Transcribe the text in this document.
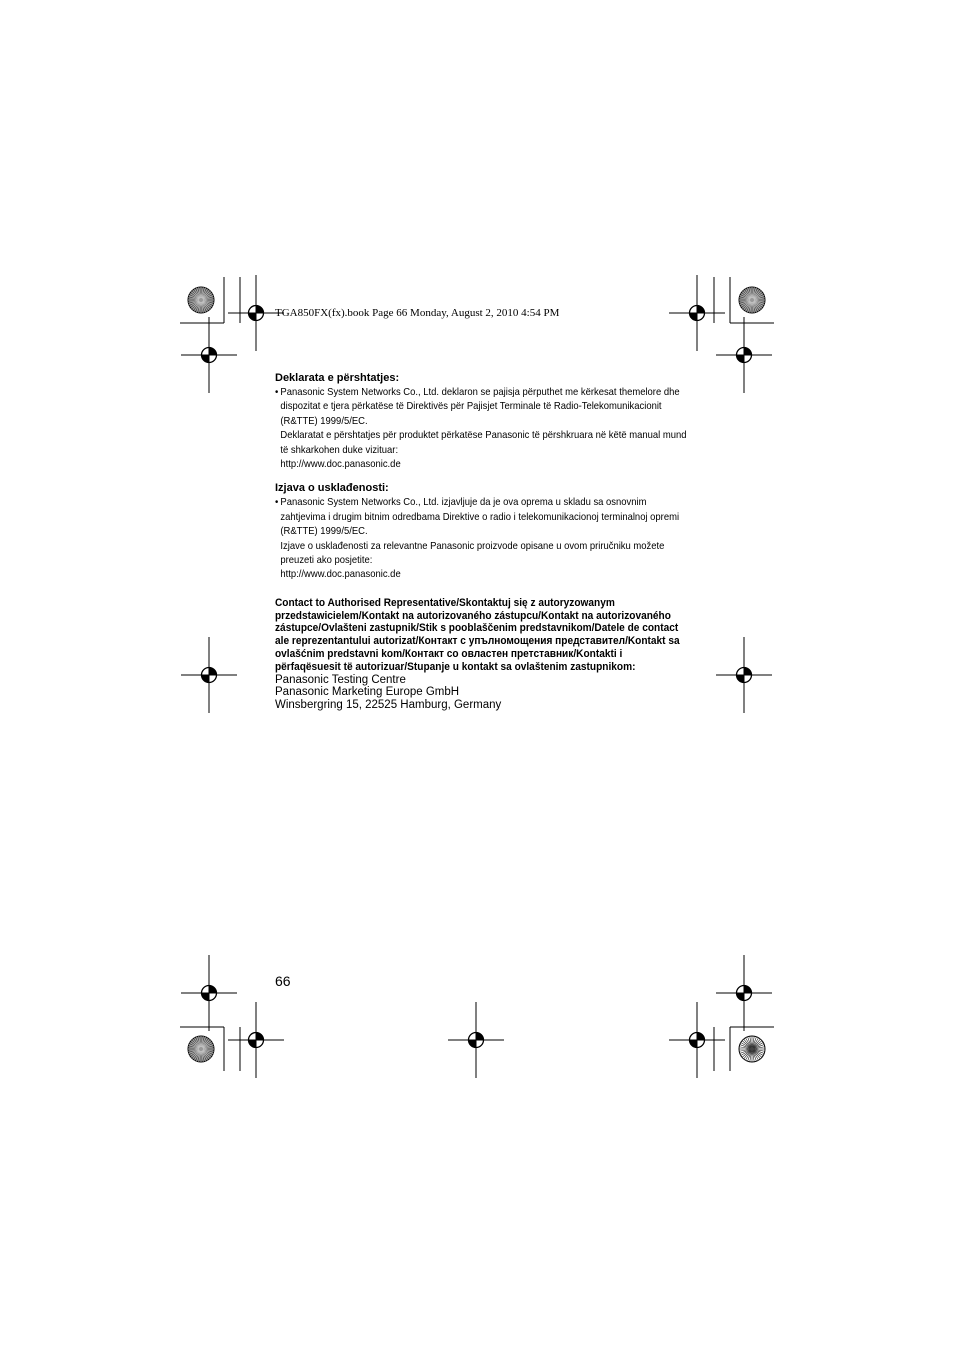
TGA850FX(fx).book Page 66 Monday, August 2, 2010 4:54 PM

Deklarata e përshtatjes:

• Panasonic System Networks Co., Ltd. deklaron se pajisja përputhet me kërkesat themelore dhe dispozitat e tjera përkatëse të Direktivës për Pajisjet Terminale të Radio-Telekomunikacionit (R&TTE) 1999/5/EC.
Deklaratat e përshtatjes për produktet përkatëse Panasonic të përshkruara në këtë manual mund të shkarkohen duke vizituar:
http://www.doc.panasonic.de

Izjava o usklađenosti:

• Panasonic System Networks Co., Ltd. izjavljuje da je ova oprema u skladu sa osnovnim zahtjevima i drugim bitnim odredbama Direktive o radio i telekomunikacionoj terminalnoj opremi (R&TTE) 1999/5/EC.
Izjave o usklađenosti za relevantne Panasonic proizvode opisane u ovom priručniku možete preuzeti ako posjetite:
http://www.doc.panasonic.de

Contact to Authorised Representative/Skontaktuj się z autoryzowanym przedstawicielem/Kontakt na autorizovaného zástupcu/Kontakt na autorizovaného zástupce/Ovlašteni zastupnik/Stik s pooblaščenim predstavnikom/Datele de contact ale reprezentantului autorizat/Контакт с упълномощения представител/Kontakt sa ovlašćnim predstavni kom/Контакт со овластен претставник/Kontakti i përfaqësuesit të autorizuar/Stupanje u kontakt sa ovlaštenim zastupnikom:

Panasonic Testing Centre

Panasonic Marketing Europe GmbH

Winsbergring 15, 22525 Hamburg, Germany

66
